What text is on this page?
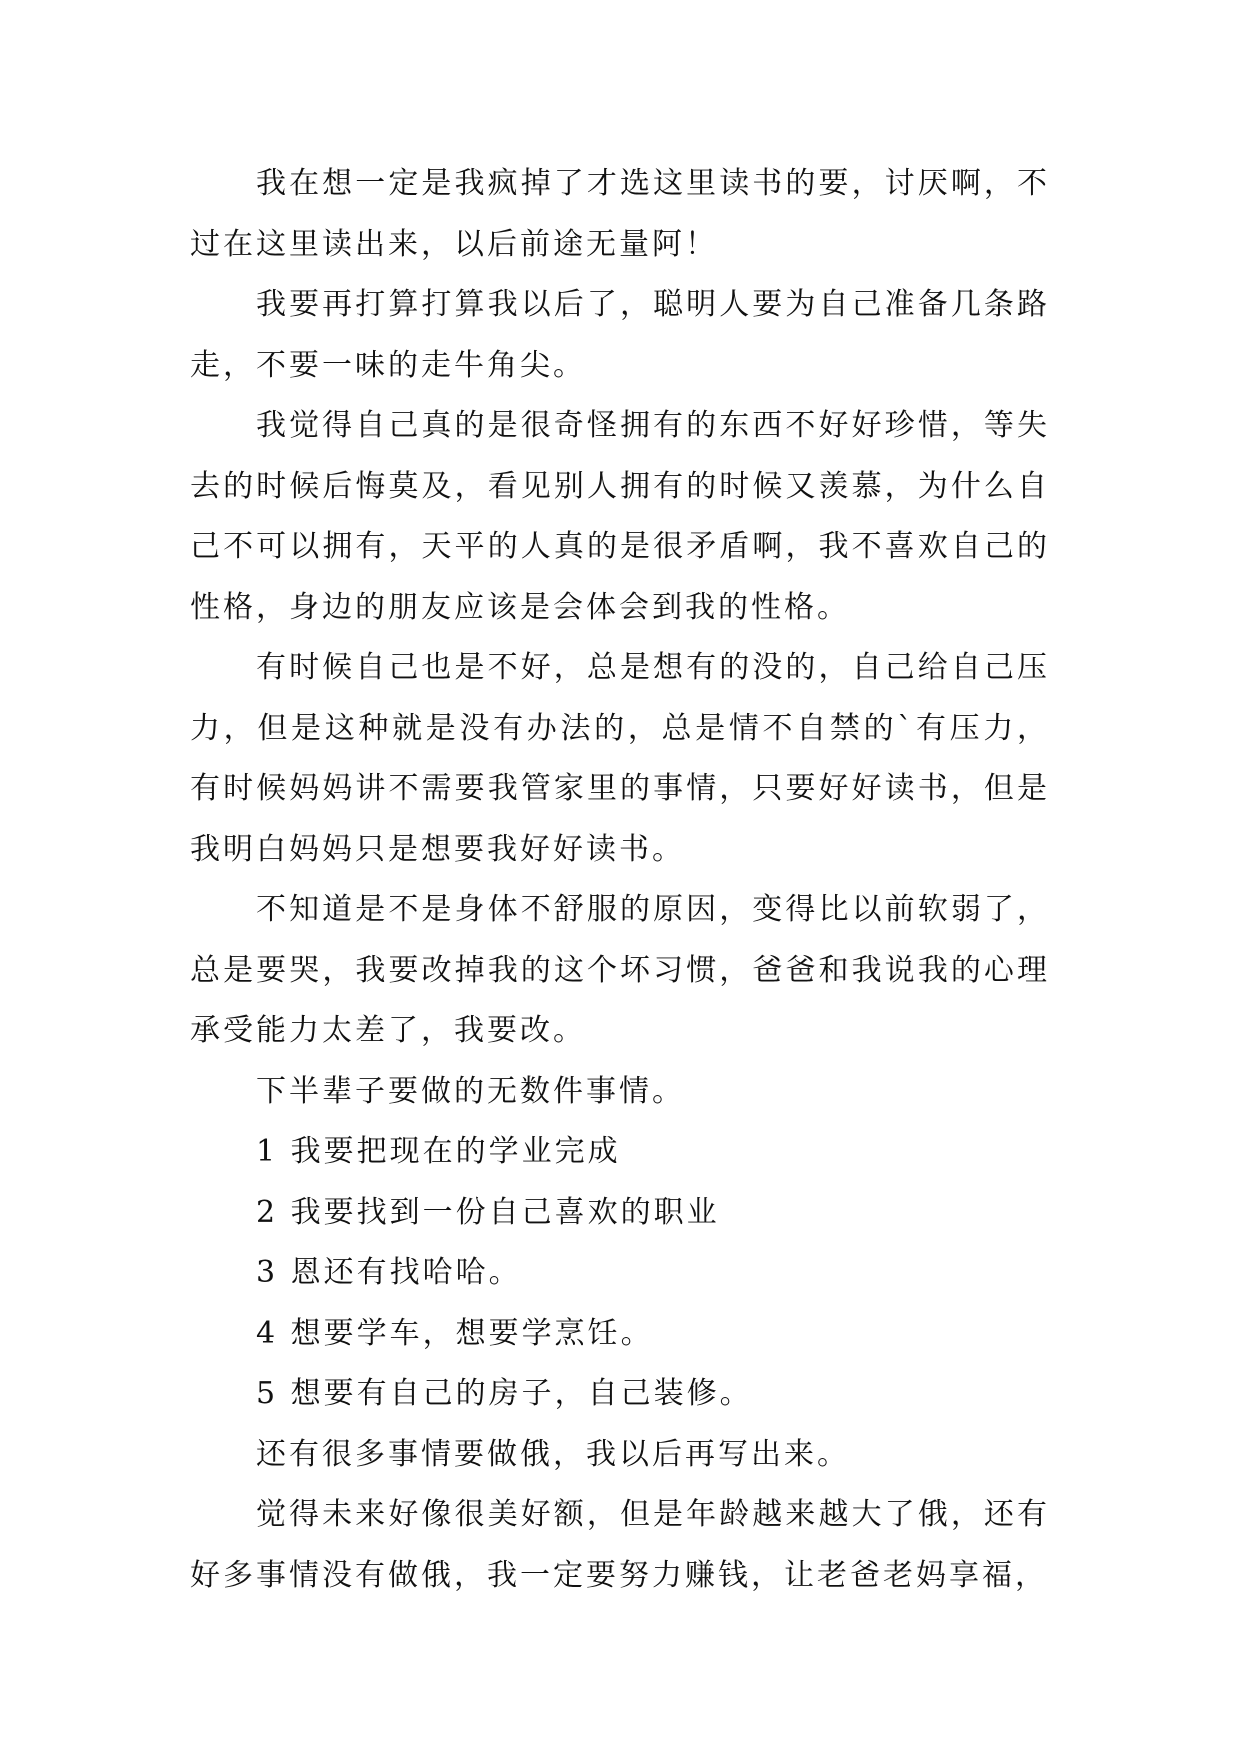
我在想一定是我疯掉了才选这里读书的要，讨厌啊，不过在这里读出来，以后前途无量阿！

我要再打算打算我以后了，聪明人要为自己准备几条路走，不要一味的走牛角尖。

我觉得自己真的是很奇怪拥有的东西不好好珍惜，等失去的时候后悔莫及，看见别人拥有的时候又羡慕，为什么自己不可以拥有，天平的人真的是很矛盾啊，我不喜欢自己的性格，身边的朋友应该是会体会到我的性格。

有时候自己也是不好，总是想有的没的，自己给自己压力，但是这种就是没有办法的，总是情不自禁的`有压力，有时候妈妈讲不需要我管家里的事情，只要好好读书，但是我明白妈妈只是想要我好好读书。

不知道是不是身体不舒服的原因，变得比以前软弱了，总是要哭，我要改掉我的这个坏习惯，爸爸和我说我的心理承受能力太差了，我要改。

下半辈子要做的无数件事情。

1 我要把现在的学业完成

2 我要找到一份自己喜欢的职业

3 恩还有找哈哈。

4 想要学车，想要学烹饪。

5 想要有自己的房子，自己装修。

还有很多事情要做俄，我以后再写出来。

觉得未来好像很美好额，但是年龄越来越大了俄，还有好多事情没有做俄，我一定要努力赚钱，让老爸老妈享福，
